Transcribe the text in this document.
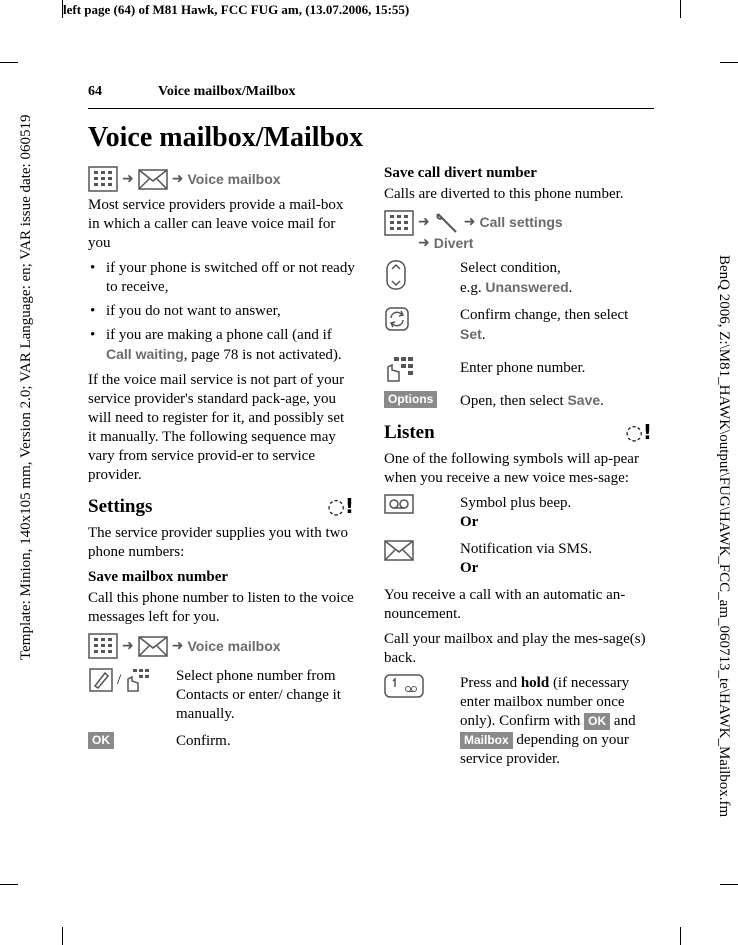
left page (64) of M81 Hawk, FCC FUG am, (13.07.2006, 15:55)
Template: Minion, 140x105 mm, Version 2.0; VAR Language: en; VAR issue date: 060519	BenQ 2006, Z:\M81_HAWK\output\FUG\HAWK_FCC_am_060713_te\HAWK_Mailbox.fm
64	Voice mailbox/Mailbox
Voice mailbox/Mailbox
➜	➜ Voice mailbox

Most service providers provide a mail-box in which a caller can leave voice mail for you

• if your phone is switched off or not ready to receive,
• if you do not want to answer,
• if you are making a phone call (and if Call waiting, page 78 is not activated).

If the voice mail service is not part of your service provider's standard pack-age, you will need to register for it, and possibly set it manually. The following sequence may vary from service provid-er to service provider.

Settings	◌!

The service provider supplies you with two phone numbers:

Save mailbox number

Call this phone number to listen to the voice messages left for you.

➜	➜ Voice mailbox
/	Select phone number from Contacts or enter/ change it manually.
OK	Confirm.
Save call divert number

Calls are diverted to this phone number.

➜ ➜ Call settings
➜ Divert
Select condition,
e.g. Unanswered.
Confirm change, then select Set.
Enter phone number.
Options Open, then select Save.
Listen	◌!

One of the following symbols will ap-pear when you receive a new voice mes-sage:

Symbol plus beep.
Or
Notification via SMS.
Or

You receive a call with an automatic an-nouncement.

Call your mailbox and play the mes-sage(s) back.

Press and hold (if necessary enter mailbox number once only). Confirm with OK and
Mailbox depending on your service provider.
